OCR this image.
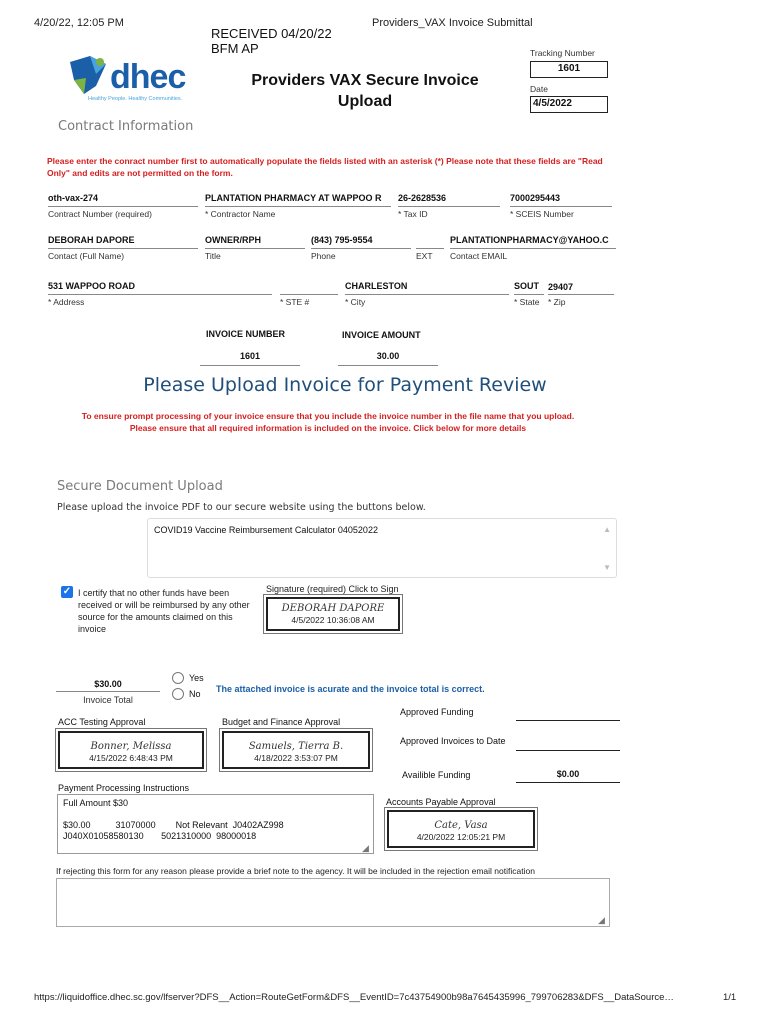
4/20/22, 12:05 PM	Providers_VAX Invoice Submittal
RECEIVED 04/20/22
BFM AP
dhec
Healthy People. Healthy Communities.
Providers VAX Secure Invoice
Upload
Tracking Number
1601
Date
4/5/2022
Contract Information
Please enter the conract number first to automatically populate the fields listed with an asterisk (*) Please note that these fields are "Read Only" and edits are not permitted on the form.
oth-vax-274
Contract Number (required)
PLANTATION PHARMACY AT WAPPOO R
* Contractor Name
26-2628536
* Tax ID
7000295443
* SCEIS Number
DEBORAH DAPORE
Contact (Full Name)
OWNER/RPH
Title
(843) 795-9554
Phone	EXT
PLANTATIONPHARMACY@YAHOO.C
Contact EMAIL
531 WAPPOO ROAD
* Address	* STE #
CHARLESTON
* City
SOUT
* State
29407
* Zip
INVOICE NUMBER
1601
INVOICE AMOUNT
30.00
Please Upload Invoice for Payment Review
To ensure prompt processing of your invoice ensure that you include the invoice number in the file name that you upload.
Please ensure that all required information is included on the invoice. Click below for more details
Secure Document Upload
Please upload the invoice PDF to our secure website using the buttons below.
COVID19 Vaccine Reimbursement Calculator 04052022	▲
▼
✓ I certify that no other funds have been received or will be reimbursed by any other source for the amounts claimed on this invoice
Signature (required) Click to Sign
DEBORAH DAPORE
4/5/2022 10:36:08 AM
$30.00
Invoice Total
Yes
No The attached invoice is acurate and the invoice total is correct.
Approved Funding
Approved Invoices to Date
Availible Funding	$0.00
ACC Testing Approval
Bonner, Melissa
4/15/2022 6:48:43 PM
Budget and Finance Approval
Samuels, Tierra B.
4/18/2022 3:53:07 PM
Payment Processing Instructions
Full Amount $30

$30.00          31070000        Not Relevant  J0402AZ998
J040X01058580130       5021310000  98000018
◢
Accounts Payable Approval
Cate, Vasa
4/20/2022 12:05:21 PM
If rejecting this form for any reason please provide a brief note to the agency. It will be included in the rejection email notification
◢
https://liquidoffice.dhec.sc.gov/lfserver?DFS__Action=RouteGetForm&DFS__EventID=7c43754900b98a7645435996_799706283&DFS__DataSource…	1/1
